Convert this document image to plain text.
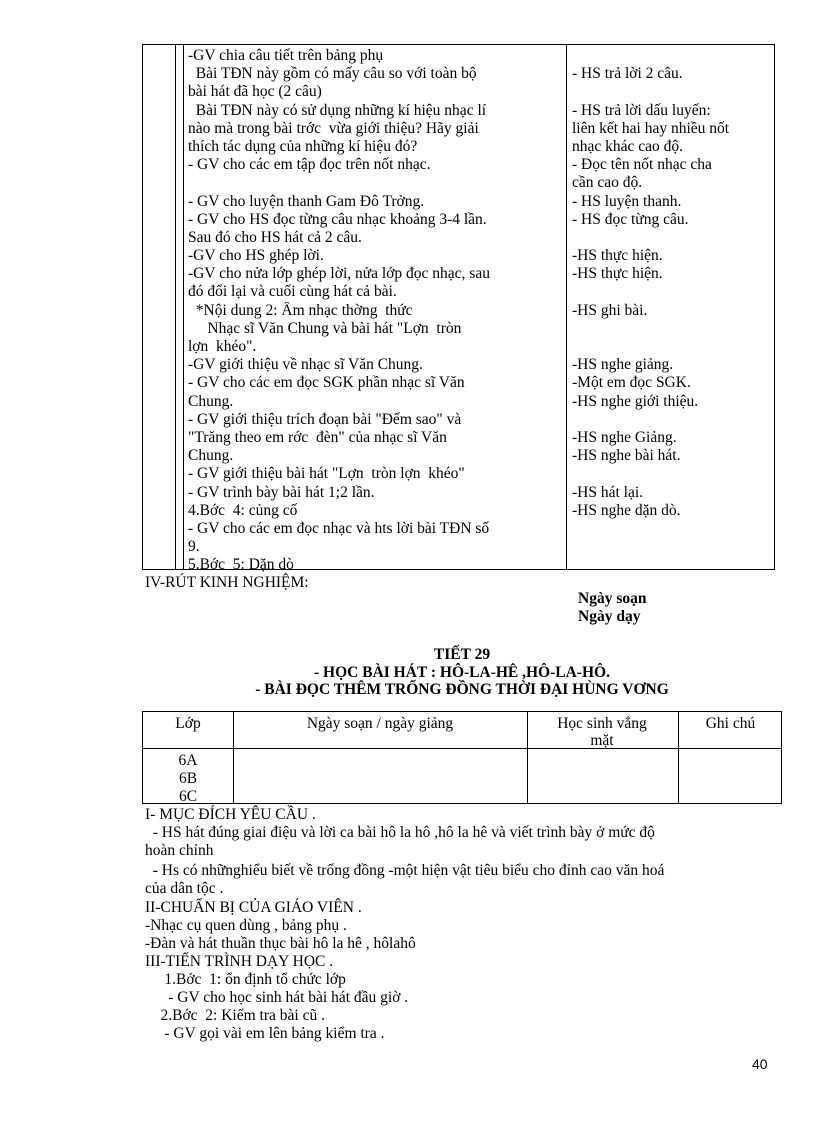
-GV chia câu tiết trên bảng phụ
Bài TĐN này gồm có mấy câu so với toàn bộ
bài hát đã học (2 câu)
Bài TĐN này có sử dụng những kí hiệu nhạc lí
nào mà trong bài trớc  vừa giới thiệu? Hãy giải
thích tác dụng của những kí hiệu đó?
- GV cho các em tập đọc trên nốt nhạc.
- GV cho luyện thanh Gam Đô Trởng.
- GV cho HS đọc từng câu nhạc khoảng 3-4 lần.
Sau đó cho HS hát cả 2 câu.
-GV cho HS ghép lời.
-GV cho nửa lớp ghép lời, nửa lớp đọc nhạc, sau
đó đổi lại và cuối cùng hát cả bài.
*Nội dung 2: Âm nhạc thờng  thức
Nhạc sĩ Văn Chung và bài hát "Lợn  tròn
lợn  khéo".
-GV giới thiệu về nhạc sĩ Văn Chung.
- GV cho các em đọc SGK phần nhạc sĩ Văn
Chung.
- GV giới thiệu trích đoạn bài "Đếm sao" và
"Trăng theo em rớc  đèn" của nhạc sĩ Văn
Chung.
- GV giới thiệu bài hát "Lợn  tròn lợn  khéo"
- GV trình bày bài hát 1;2 lần.
4.Bớc  4: củng cố
- GV cho các em đọc nhạc và hts lời bài TĐN số
9.
5.Bớc  5: Dặn dò
- HS trả lời 2 câu.
- HS trả lời dấu luyến:
liên kết hai hay nhiều nốt
nhạc khác cao độ.
- Đọc tên nốt nhạc cha
cần cao độ.
- HS luyện thanh.
- HS đọc từng câu.
-HS thực hiện.
-HS thực hiện.
-HS ghi bài.
-HS nghe giảng.
-Một em đọc SGK.
-HS nghe giới thiệu.
-HS nghe Giảng.
-HS nghe bài hát.
-HS hát lại.
-HS nghe dặn dò.
IV-RÚT KINH NGHIỆM:
Ngày soạn
Ngày dạy
TIẾT 29
- HỌC BÀI HÁT : HÔ-LA-HÊ ,HÔ-LA-HÔ.
- BÀI ĐỌC THÊM TRỐNG ĐỒNG THỜI ĐẠI HÙNG VƠNG
Lớp	Ngày soạn / ngày giảng	Học sinh vắng mặt
Ghi chú
6A
6B
6C
I- MỤC ĐÍCH YÊU CẦU .
- HS hát đúng giai điệu và lời ca bài hô la hô ,hô la hê và viết trình bày ở mức độ
hoàn chỉnh
- Hs có nhữnghiểu biết về trống đồng -một hiện vật tiêu biểu cho đỉnh cao văn hoá
của dân tộc .
II-CHUẨN BỊ CỦA GIÁO VIÊN .
-Nhạc cụ quen dùng , bảng phụ .
-Đàn và hát thuần thục bài hô la hê , hôlahô
III-TIẾN TRÌNH DẠY HỌC .
1.Bớc  1: ổn định tổ chức lớp
- GV cho học sinh hát bài hát đầu giờ .
2.Bớc  2: Kiểm tra bài cũ .
- GV gọi vài em lên bảng kiểm tra .
40
